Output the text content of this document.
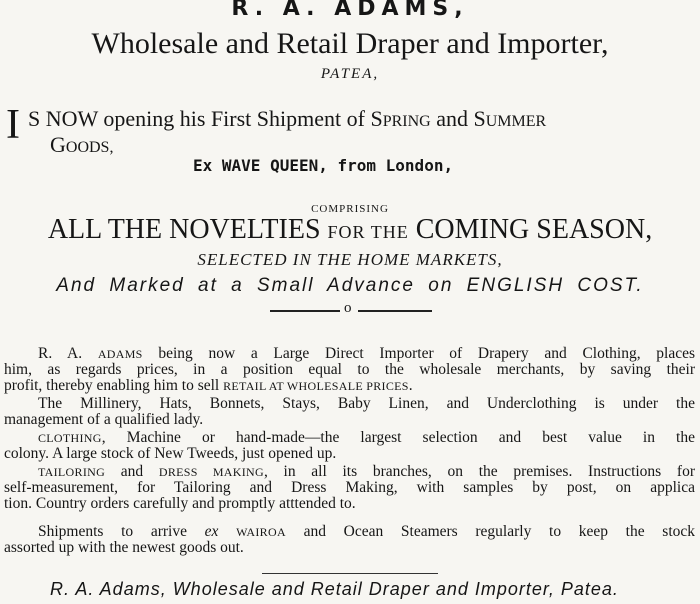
R. A. ADAMS,
Wholesale and Retail Draper and Importer,
PATEA,
I S NOW opening his First Shipment of SPRING and SUMMER
GOODS,
Ex WAVE QUEEN, from London,
COMPRISING
ALL THE NOVELTIES FOR THE COMING SEASON,
SELECTED IN THE HOME MARKETS,
And Marked at a Small Advance on ENGLISH COST.
o
R. A. ADAMS being now a Large Direct Importer of Drapery and Clothing, places
him, as regards prices, in a position equal to the wholesale merchants, by saving their
profit, thereby enabling him to sell RETAIL AT WHOLESALE PRICES.
The Millinery, Hats, Bonnets, Stays, Baby Linen, and Underclothing is under the
management of a qualified lady.
CLOTHING, Machine or hand-made—the largest selection and best value in the
colony. A large stock of New Tweeds, just opened up.
TAILORING and DRESS MAKING, in all its branches, on the premises. Instructions for
self-measurement, for Tailoring and Dress Making, with samples by post, on applica
tion. Country orders carefully and promptly atttended to.
Shipments to arrive ex WAIROA and Ocean Steamers regularly to keep the stock
assorted up with the newest goods out.
R. A. Adams, Wholesale and Retail Draper and Importer, Patea.
